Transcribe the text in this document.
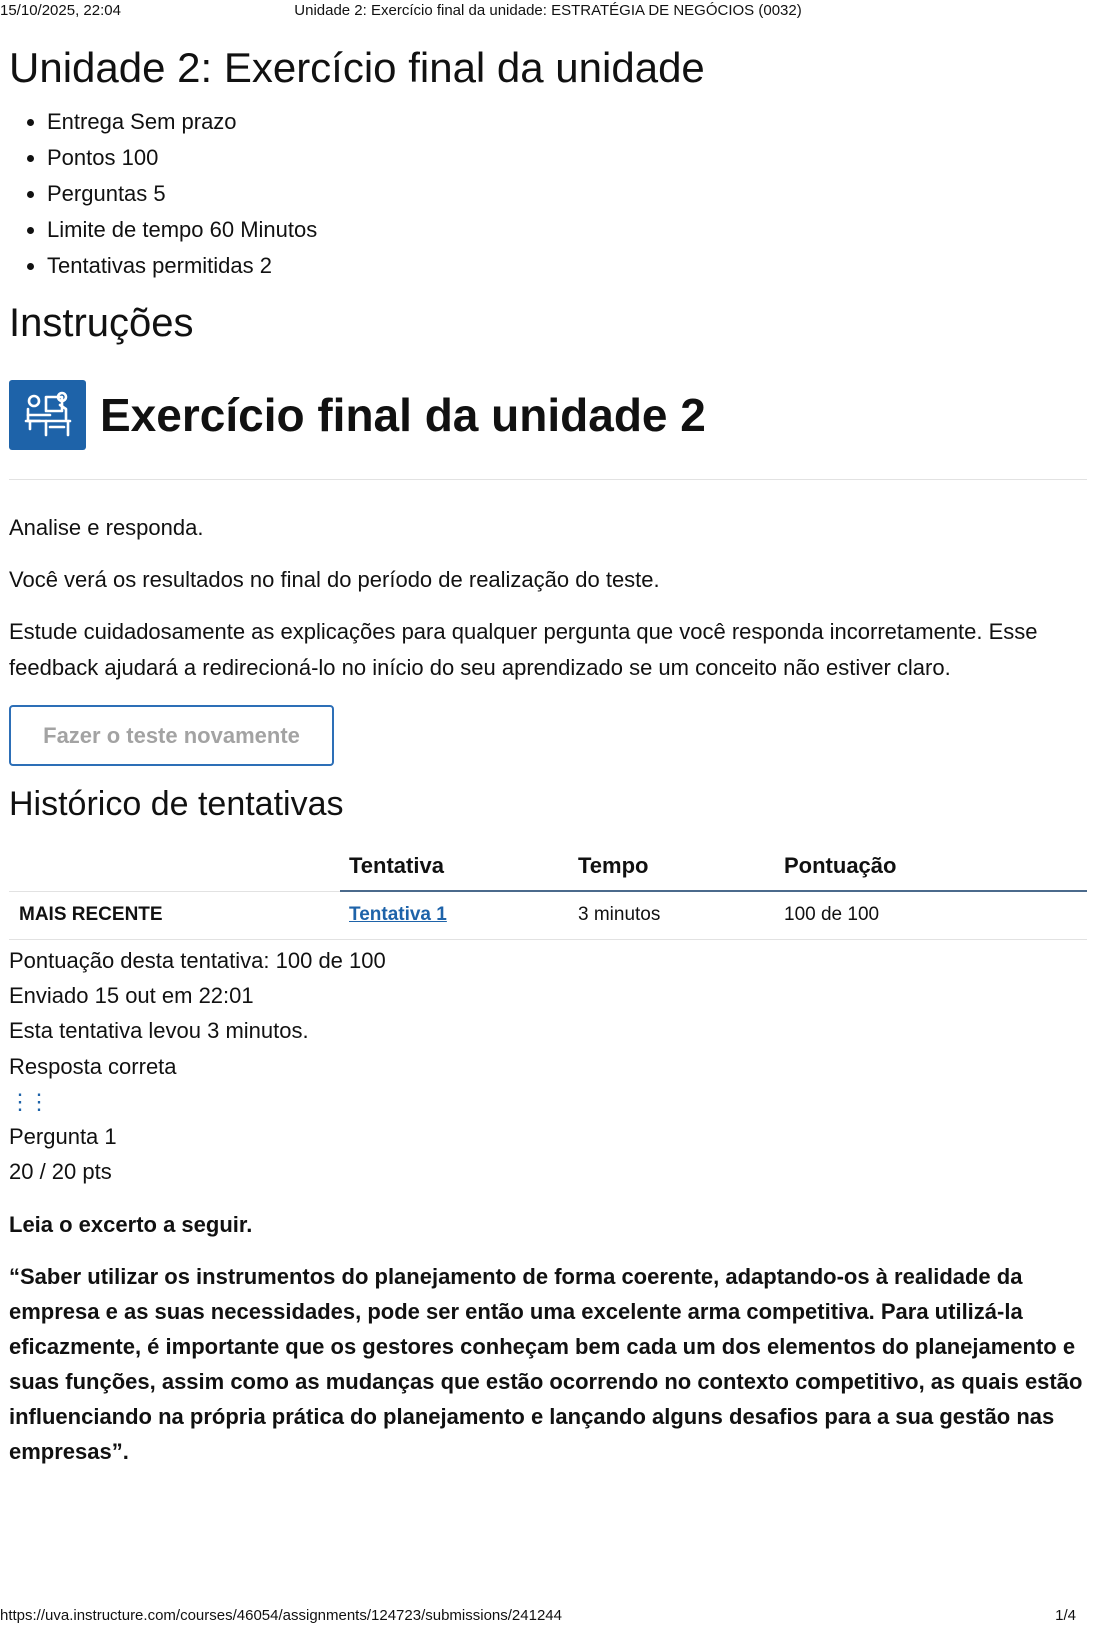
15/10/2025, 22:04	Unidade 2: Exercício final da unidade: ESTRATÉGIA DE NEGÓCIOS (0032)
Unidade 2: Exercício final da unidade
• Entrega Sem prazo
• Pontos 100
• Perguntas 5
• Limite de tempo 60 Minutos
• Tentativas permitidas 2
Instruções
Exercício final da unidade 2

Analise e responda.

Você verá os resultados no final do período de realização do teste.

Estude cuidadosamente as explicações para qualquer pergunta que você responda incorretamente. Esse feedback ajudará a redirecioná-lo no início do seu aprendizado se um conceito não estiver claro.

Fazer o teste novamente
Histórico de tentativas
	Tentativa	Tempo	Pontuação
MAIS RECENTE	Tentativa 1	3 minutos	100 de 100
Pontuação desta tentativa: 100 de 100
Enviado 15 out em 22:01
Esta tentativa levou 3 minutos.
Resposta correta
⋮⋮
Pergunta 1
20 / 20 pts

Leia o excerto a seguir.

“Saber utilizar os instrumentos do planejamento de forma coerente, adaptando-os à realidade da empresa e as suas necessidades, pode ser então uma excelente arma competitiva. Para utilizá-la eficazmente, é importante que os gestores conheçam bem cada um dos elementos do planejamento e suas funções, assim como as mudanças que estão ocorrendo no contexto competitivo, as quais estão influenciando na própria prática do planejamento e lançando alguns desafios para a sua gestão nas empresas”.

https://uva.instructure.com/courses/46054/assignments/124723/submissions/241244	1/4
